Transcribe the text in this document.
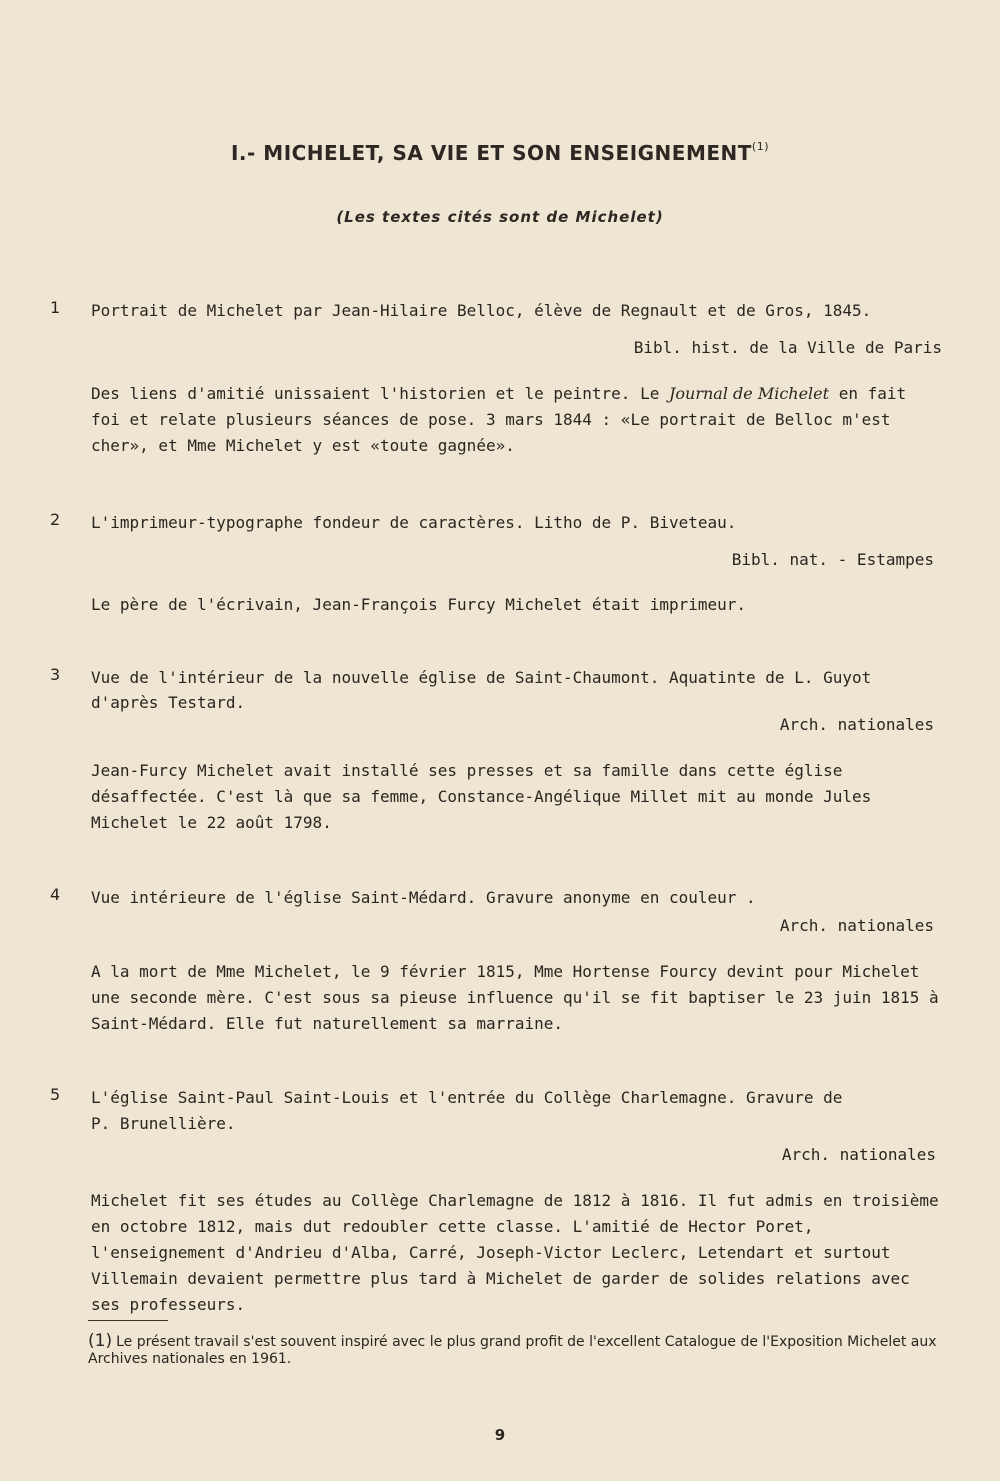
I.- MICHELET, SA VIE ET SON ENSEIGNEMENT$^{(1)}$
(Les textes cités sont de Michelet)
1 Portrait de Michelet par Jean-Hilaire Belloc, élève de Regnault et de Gros, 1845.
Bibl. hist. de la Ville de Paris
Des liens d'amitié unissaient l'historien et le peintre. Le Journal de Michelet en fait foi et relate plusieurs séances de pose. 3 mars 1844 : «Le portrait de Belloc m'est cher», et Mme Michelet y est «toute gagnée».
2 L'imprimeur-typographe fondeur de caractères. Litho de P. Biveteau.
Bibl. nat. - Estampes
Le père de l'écrivain, Jean-François Furcy Michelet était imprimeur.
3 Vue de l'intérieur de la nouvelle église de Saint-Chaumont. Aquatinte de L. Guyot d'après Testard.
Arch. nationales
Jean-Furcy Michelet avait installé ses presses et sa famille dans cette église désaffectée. C'est là que sa femme, Constance-Angélique Millet mit au monde Jules Michelet le 22 août 1798.
4 Vue intérieure de l'église Saint-Médard. Gravure anonyme en couleur .
Arch. nationales
A la mort de Mme Michelet, le 9 février 1815, Mme Hortense Fourcy devint pour Michelet une seconde mère. C'est sous sa pieuse influence qu'il se fit baptiser le 23 juin 1815 à Saint-Médard. Elle fut naturellement sa marraine.
5 L'église Saint-Paul Saint-Louis et l'entrée du Collège Charlemagne. Gravure de P. Brunellière.
Arch. nationales
Michelet fit ses études au Collège Charlemagne de 1812 à 1816. Il fut admis en troisième en octobre 1812, mais dut redoubler cette classe. L'amitié de Hector Poret, l'enseignement d'Andrieu d'Alba, Carré, Joseph-Victor Leclerc, Letendart et surtout Villemain devaient permettre plus tard à Michelet de garder de solides relations avec ses professeurs.
(1) Le présent travail s'est souvent inspiré avec le plus grand profit de l'excellent Catalogue de l'Exposition Michelet aux Archives nationales en 1961.
9
